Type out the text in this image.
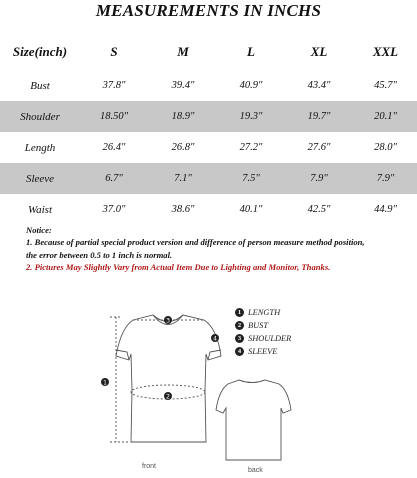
MEASUREMENTS IN INCHS
Size(inch)	S	M	L	XL	XXL
Bust	37.8"	39.4"	40.9"	43.4"	45.7"
Shoulder	18.50"	18.9"	19.3"	19.7"	20.1"
Length	26.4"	26.8"	27.2"	27.6"	28.0"
Sleeve	6.7"	7.1"	7.5"	7.9"	7.9"
Waist	37.0"	38.6"	40.1"	42.5"	44.9"
Notice:
1. Because of partial special product version and difference of person measure method position,
the error between 0.5 to 1 inch is normal.
2. Pictures May Slightly Vary from Actual Item Due to Lighting and Monitor, Thanks.
3
2
1
4
1 LENGTH
2 BUST
3 SHOULDER
4 SLEEVE
front
back
